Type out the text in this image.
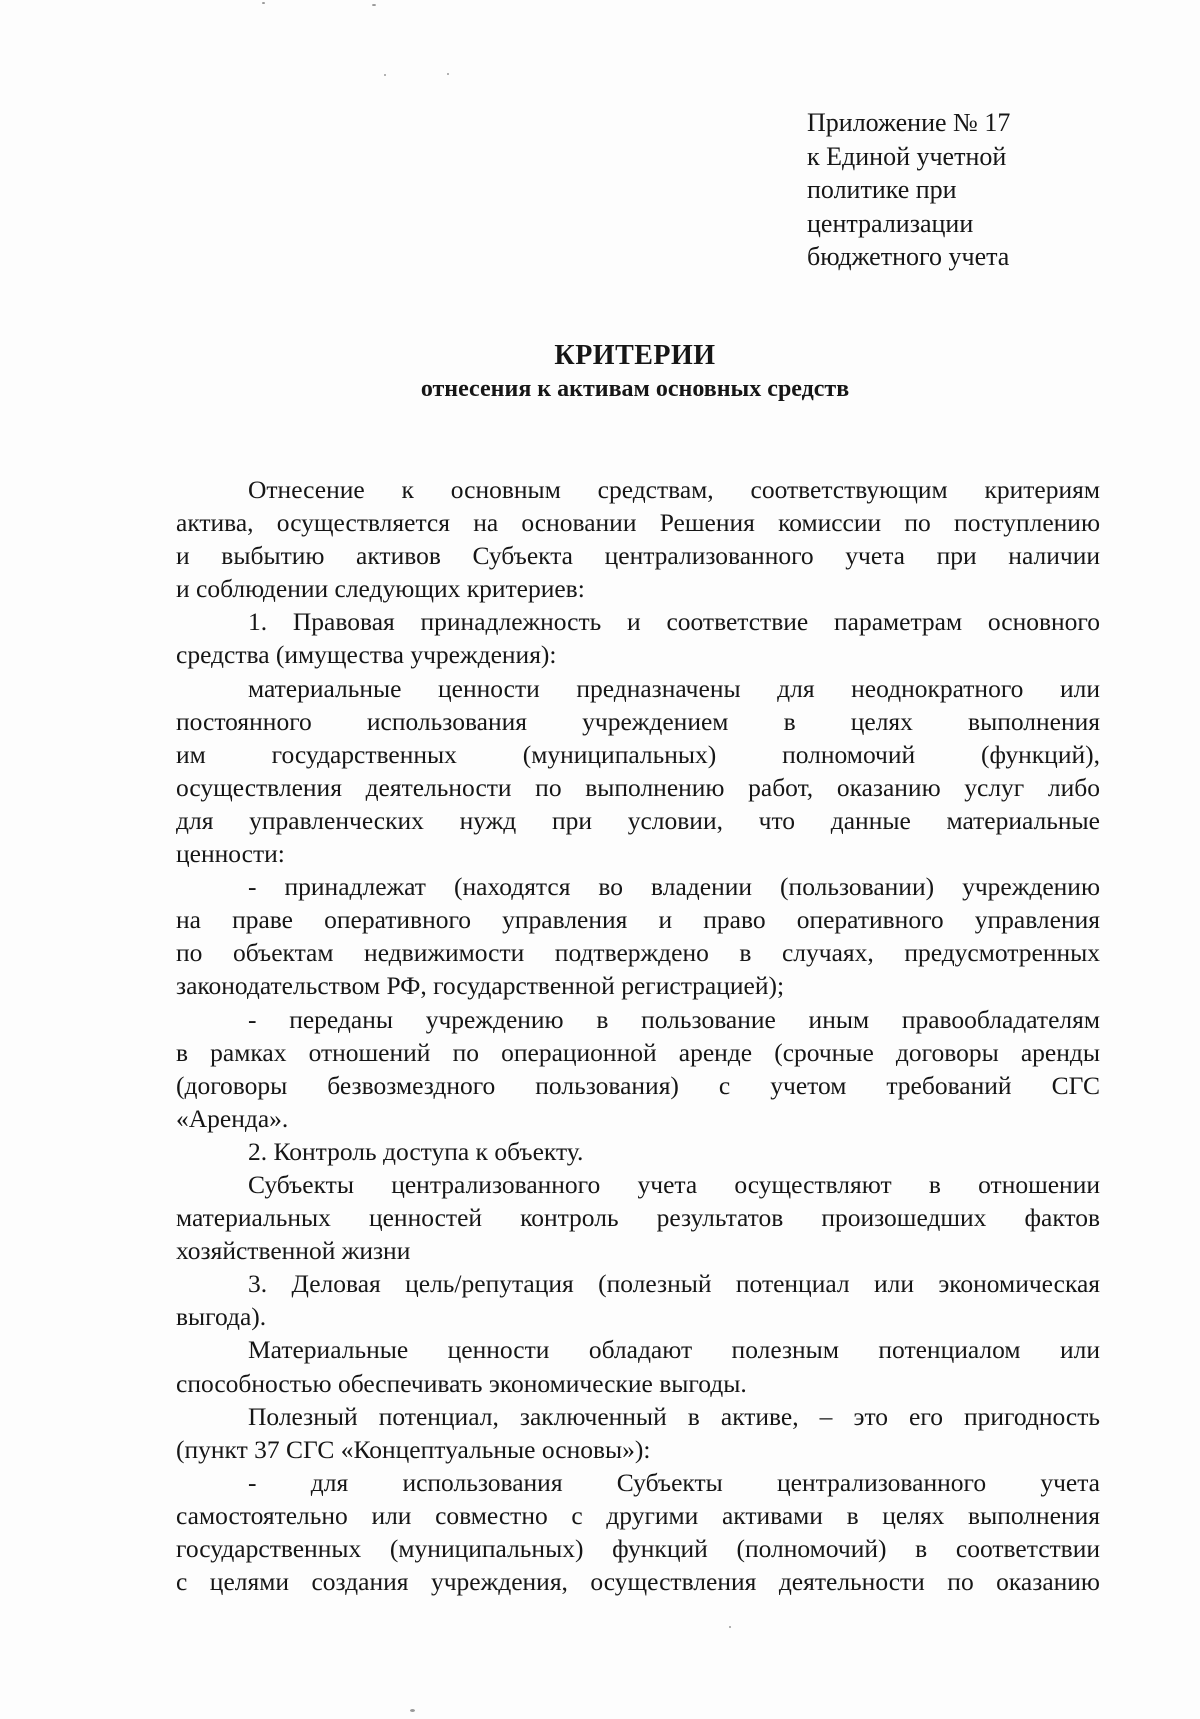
Приложение № 17
к Единой учетной
политике при
централизации
бюджетного учета
КРИТЕРИИ
отнесения к активам основных средств
Отнесение к основным средствам, соответствующим критериям
актива, осуществляется на основании Решения комиссии по поступлению
и выбытию активов Субъекта централизованного учета при наличии
и соблюдении следующих критериев:
1. Правовая принадлежность и соответствие параметрам основного
средства (имущества учреждения):
материальные ценности предназначены для неоднократного или
постоянного использования учреждением в целях выполнения
им государственных (муниципальных) полномочий (функций),
осуществления деятельности по выполнению работ, оказанию услуг либо
для управленческих нужд при условии, что данные материальные
ценности:
- принадлежат (находятся во владении (пользовании) учреждению
на праве оперативного управления и право оперативного управления
по объектам недвижимости подтверждено в случаях, предусмотренных
законодательством РФ, государственной регистрацией);
- переданы учреждению в пользование иным правообладателям
в рамках отношений по операционной аренде (срочные договоры аренды
(договоры безвозмездного пользования) с учетом требований СГС
«Аренда».
2. Контроль доступа к объекту.
Субъекты централизованного учета осуществляют в отношении
материальных ценностей контроль результатов произошедших фактов
хозяйственной жизни
3. Деловая цель/репутация (полезный потенциал или экономическая
выгода).
Материальные ценности обладают полезным потенциалом или
способностью обеспечивать экономические выгоды.
Полезный потенциал, заключенный в активе, – это его пригодность
(пункт 37 СГС «Концептуальные основы»):
- для использования Субъекты централизованного учета
самостоятельно или совместно с другими активами в целях выполнения
государственных (муниципальных) функций (полномочий) в соответствии
с целями создания учреждения, осуществления деятельности по оказанию
